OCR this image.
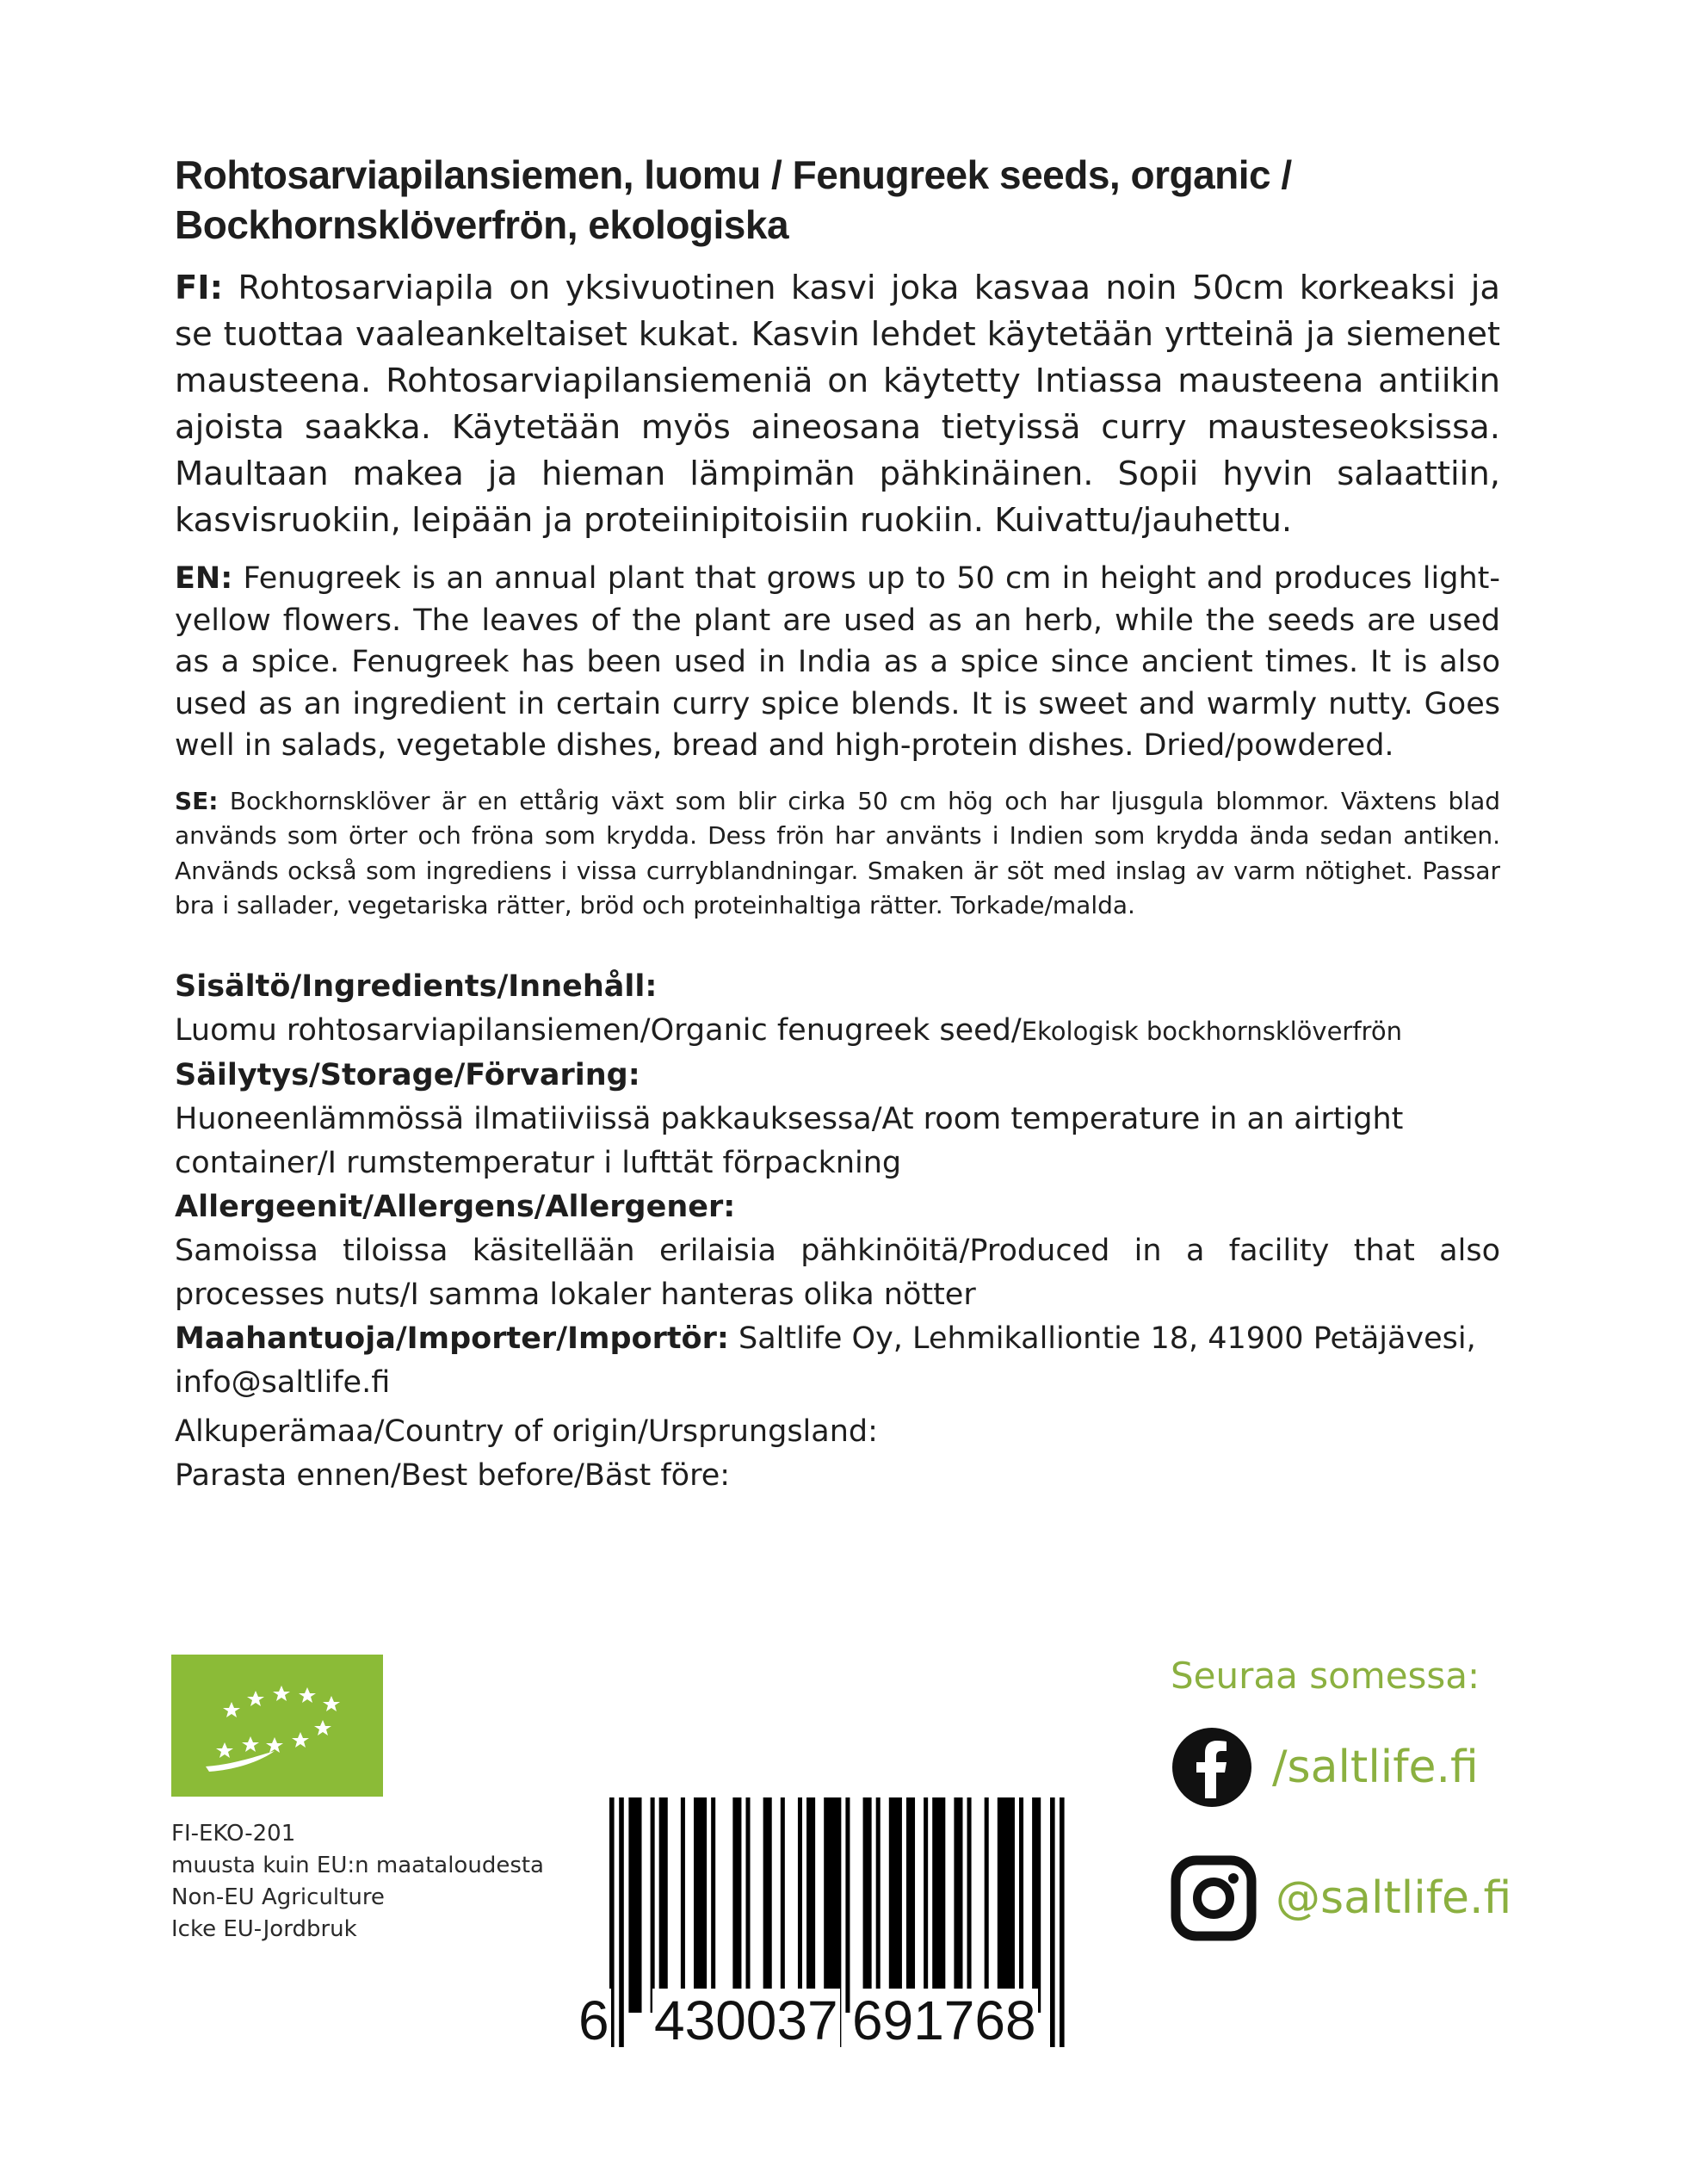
Rohtosarviapilansiemen, luomu / Fenugreek seeds, organic / Bockhornsklöverfrön, ekologiska

FI: Rohtosarviapila on yksivuotinen kasvi joka kasvaa noin 50cm korkeaksi ja se tuottaa vaaleankeltaiset kukat. Kasvin lehdet käytetään yrtteinä ja siemenet mausteena. Rohtosarviapilansiemeniä on käytetty Intiassa mausteena antiikin ajoista saakka. Käytetään myös aineosana tietyissä curry mausteseoksissa. Maultaan makea ja hieman lämpimän pähkinäinen. Sopii hyvin salaattiin, kasvisruokiin, leipään ja proteiinipitoisiin ruokiin. Kuivattu/jauhettu.

EN: Fenugreek is an annual plant that grows up to 50 cm in height and produces light-yellow flowers. The leaves of the plant are used as an herb, while the seeds are used as a spice. Fenugreek has been used in India as a spice since ancient times. It is also used as an ingredient in certain curry spice blends. It is sweet and warmly nutty. Goes well in salads, vegetable dishes, bread and high-protein dishes. Dried/powdered.

SE: Bockhornsklöver är en ettårig växt som blir cirka 50 cm hög och har ljusgula blommor. Växtens blad används som örter och fröna som krydda. Dess frön har använts i Indien som krydda ända sedan antiken. Används också som ingrediens i vissa curryblandningar. Smaken är söt med inslag av varm nötighet. Passar bra i sallader, vegetariska rätter, bröd och proteinhaltiga rätter. Torkade/malda.

Sisältö/Ingredients/Innehåll:
Luomu rohtosarviapilansiemen/Organic fenugreek seed/Ekologisk bockhornsklöverfrön
Säilytys/Storage/Förvaring:
Huoneenlämmössä ilmatiiviissä pakkauksessa/At room temperature in an airtight container/I rumstemperatur i lufttät förpackning
Allergeenit/Allergens/Allergener:
Samoissa tiloissa käsitellään erilaisia pähkinöitä/Produced in a facility that also processes nuts/I samma lokaler hanteras olika nötter
Maahantuoja/Importer/Importör: Saltlife Oy, Lehmikalliontie 18, 41900 Petäjävesi, info@saltlife.fi
Alkuperämaa/Country of origin/Ursprungsland:
Parasta ennen/Best before/Bäst före:
FI-EKO-201
muusta kuin EU:n maataloudesta
Non-EU Agriculture
Icke EU-Jordbruk
6 430037 691768
Seuraa somessa:
/saltlife.fi
@saltlife.fi
